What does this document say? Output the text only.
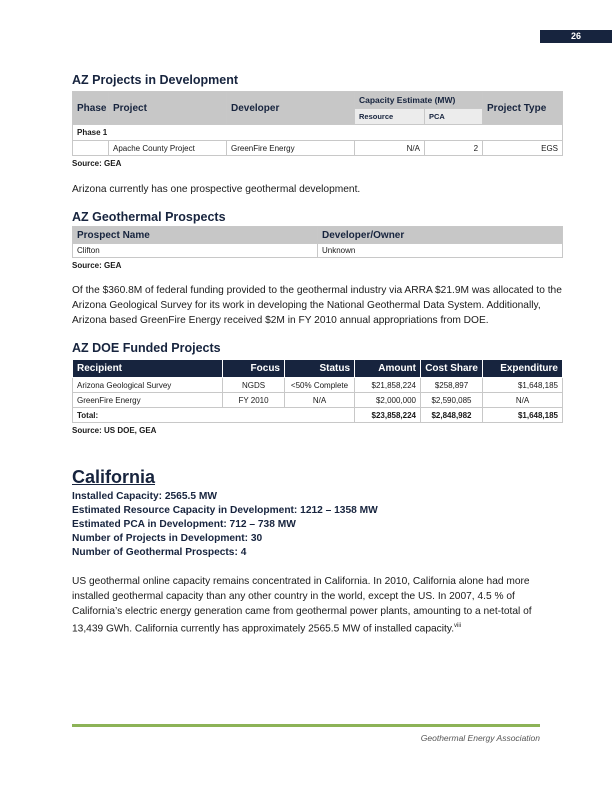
26

AZ Projects in Development

Phase	Project	Developer	Capacity Estimate (MW)		Project Type
			Resource	PCA	
Phase 1					
	Apache County Project	GreenFire Energy	N/A	2	EGS
Source: GEA

Arizona currently has one prospective geothermal development.

AZ Geothermal Prospects

Prospect Name	Developer/Owner
Clifton	Unknown
Source: GEA

Of the $360.8M of federal funding provided to the geothermal industry via ARRA $21.9M was allocated to the Arizona Geological Survey for its work in developing the National Geothermal Data System. Additionally, Arizona based GreenFire Energy received $2M in FY 2010 annual appropriations from DOE.

AZ DOE Funded Projects

Recipient	Focus	Status	Amount	Cost Share	Expenditure
Arizona Geological Survey	NGDS	<50% Complete	$21,858,224	$258,897	$1,648,185
GreenFire Energy	FY 2010	N/A	$2,000,000	$2,590,085	N/A
Total:			$23,858,224	$2,848,982	$1,648,185
Source: US DOE, GEA

California

Installed Capacity: 2565.5 MW

Estimated Resource Capacity in Development: 1212 – 1358 MW

Estimated PCA in Development: 712 – 738 MW

Number of Projects in Development: 30

Number of Geothermal Prospects: 4

US geothermal online capacity remains concentrated in California. In 2010, California alone had more installed geothermal capacity than any other country in the world, except the US. In 2007, 4.5 % of California’s electric energy generation came from geothermal power plants, amounting to a net-total of 13,439 GWh. California currently has approximately 2565.5 MW of installed capacity.$^{viii}$

Geothermal Energy Association
